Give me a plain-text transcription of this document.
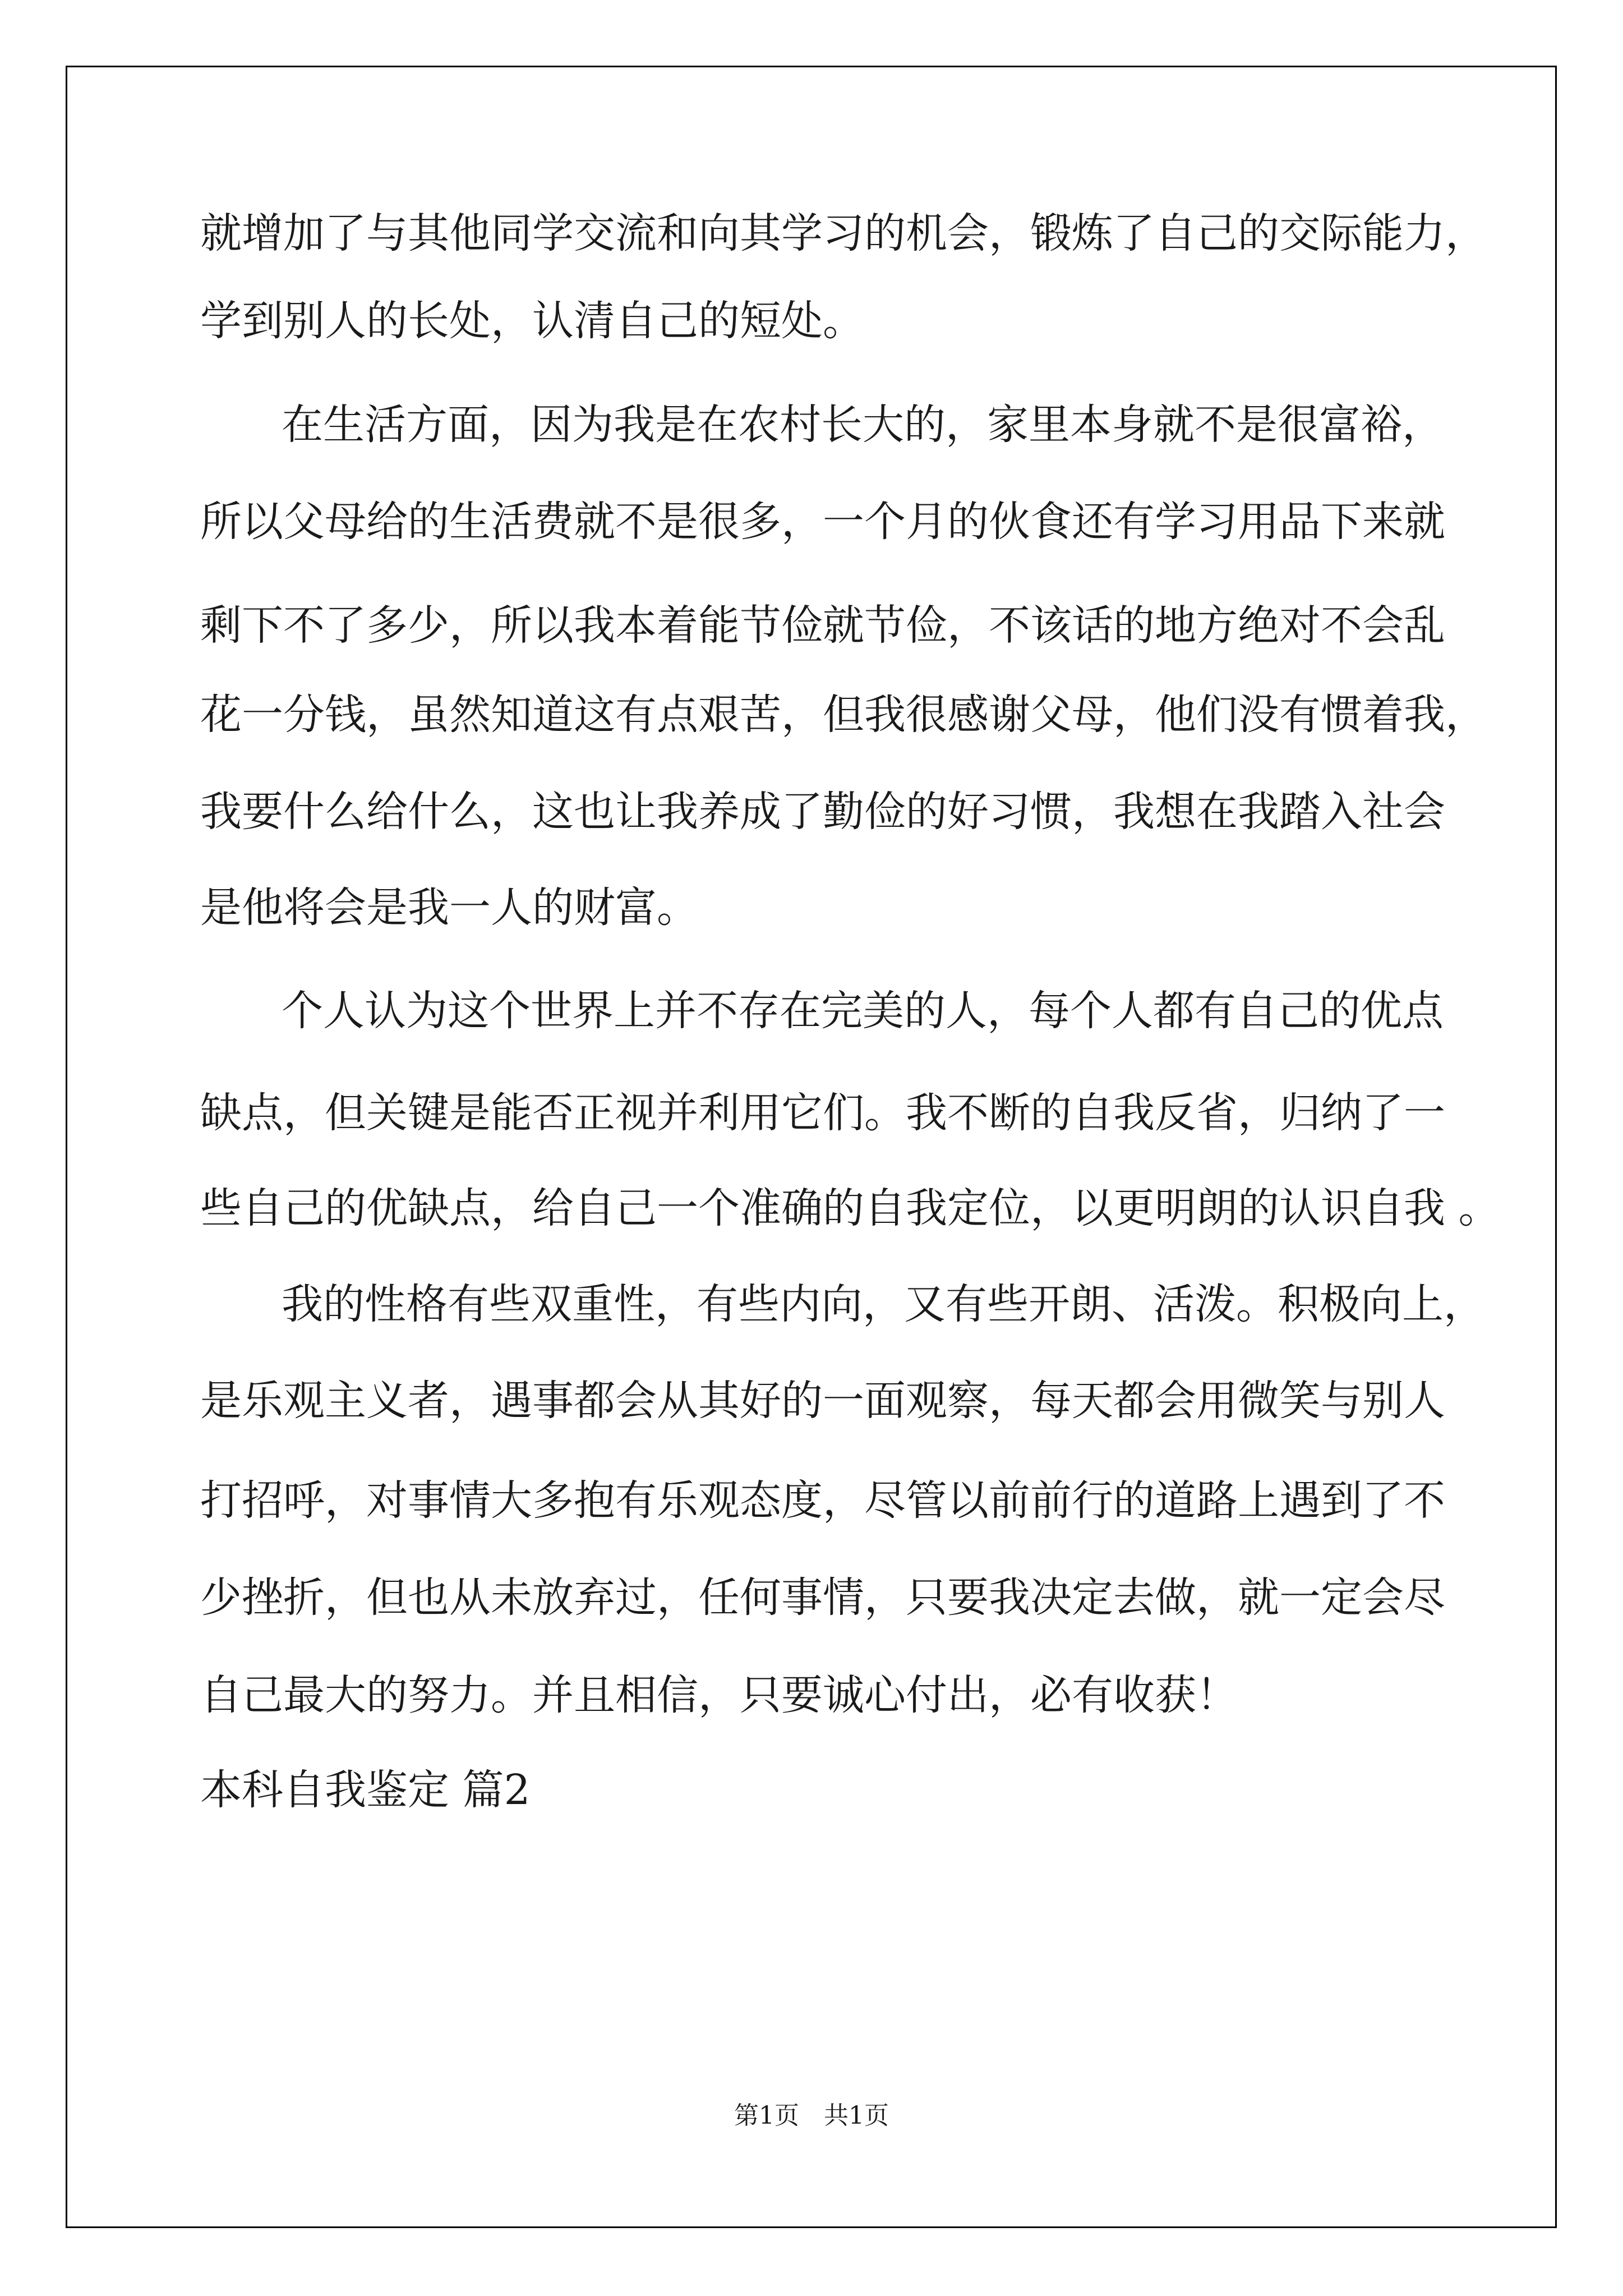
就增加了与其他同学交流和向其学习的机会，锻炼了自己的交际能力，
学到别人的长处，认清自己的短处。
在生活方面，因为我是在农村长大的，家里本身就不是很富裕，
所以父母给的生活费就不是很多，一个月的伙食还有学习用品下来就
剩下不了多少，所以我本着能节俭就节俭，不该话的地方绝对不会乱
花一分钱，虽然知道这有点艰苦，但我很感谢父母，他们没有惯着我，
我要什么给什么，这也让我养成了勤俭的好习惯，我想在我踏入社会
是他将会是我一人的财富。
个人认为这个世界上并不存在完美的人，每个人都有自己的优点
缺点，但关键是能否正视并利用它们。我不断的自我反省，归纳了一
些自己的优缺点，给自己一个准确的自我定位，以更明朗的认识自我 。
我的性格有些双重性，有些内向，又有些开朗、活泼。积极向上，
是乐观主义者，遇事都会从其好的一面观察，每天都会用微笑与别人
打招呼，对事情大多抱有乐观态度，尽管以前前行的道路上遇到了不
少挫折，但也从未放弃过，任何事情，只要我决定去做，就一定会尽
自己最大的努力。并且相信，只要诚心付出，必有收获！
本科自我鉴定 篇2
第1页　共1页
